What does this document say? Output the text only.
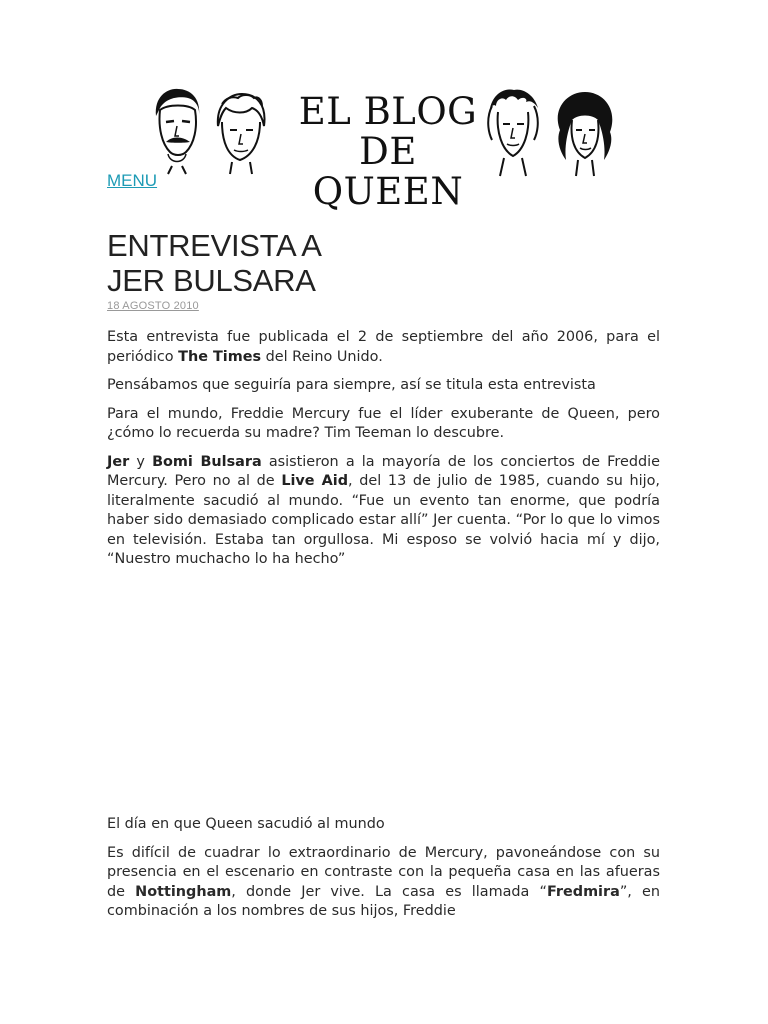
EL BLOG
DE QUEEN
MENU
ENTREVISTA A
JER BULSARA
18 AGOSTO 2010

Esta entrevista fue publicada el 2 de septiembre del año 2006, para el periódico The Times del Reino Unido.

Pensábamos que seguiría para siempre, así se titula esta entrevista

Para el mundo, Freddie Mercury fue el líder exuberante de Queen, pero ¿cómo lo recuerda su madre? Tim Teeman lo descubre.

Jer y Bomi Bulsara asistieron a la mayoría de los conciertos de Freddie Mercury. Pero no al de Live Aid, del 13 de julio de 1985, cuando su hijo, literalmente sacudió al mundo. “Fue un evento tan enorme, que podría haber sido demasiado complicado estar allí” Jer cuenta. “Por lo que lo vimos en televisión. Estaba tan orgullosa. Mi esposo se volvió hacia mí y dijo, “Nuestro muchacho lo ha hecho”

El día en que Queen sacudió al mundo

Es difícil de cuadrar lo extraordinario de Mercury, pavoneándose con su presencia en el escenario en contraste con la pequeña casa en las afueras de Nottingham, donde Jer vive. La casa es llamada “Fredmira”, en combinación a los nombres de sus hijos, Freddie
